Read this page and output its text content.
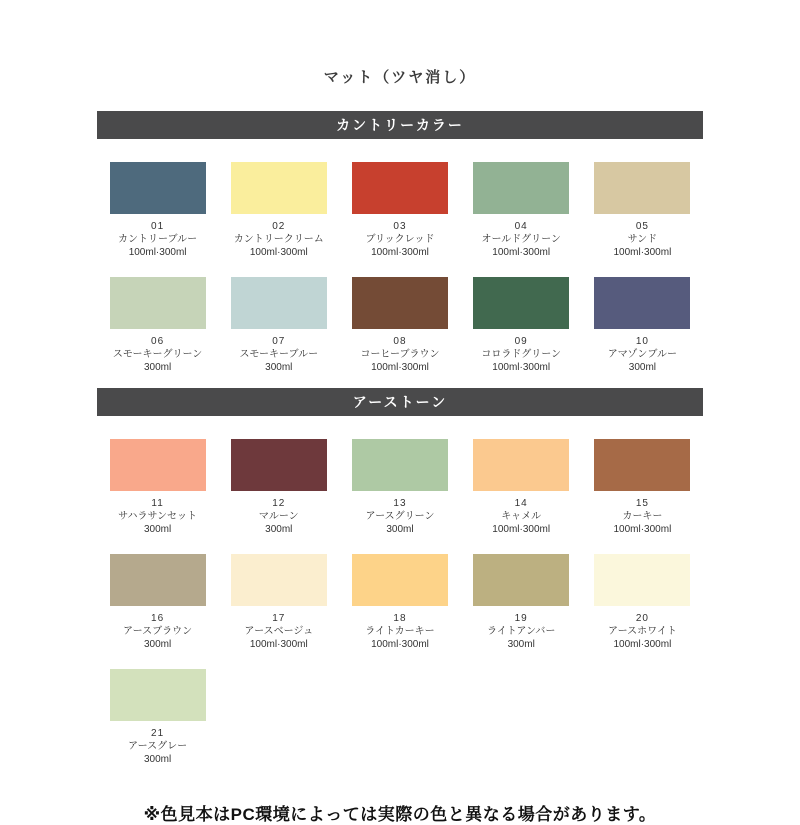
マット（ツヤ消し）
カントリーカラー
01
カントリーブルー
100ml·300ml
02
カントリークリーム
100ml·300ml
03
ブリックレッド
100ml·300ml
04
オールドグリーン
100ml·300ml
05
サンド
100ml·300ml
06
スモーキーグリーン
300ml
07
スモーキーブルー
300ml
08
コーヒーブラウン
100ml·300ml
09
コロラドグリーン
100ml·300ml
10
アマゾンブルー
300ml
アーストーン
11
サハラサンセット
300ml
12
マルーン
300ml
13
アースグリーン
300ml
14
キャメル
100ml·300ml
15
カーキー
100ml·300ml
16
アースブラウン
300ml
17
アースベージュ
100ml·300ml
18
ライトカーキー
100ml·300ml
19
ライトアンバー
300ml
20
アースホワイト
100ml·300ml
21
アースグレー
300ml
※色見本はPC環境によっては実際の色と異なる場合があります。
